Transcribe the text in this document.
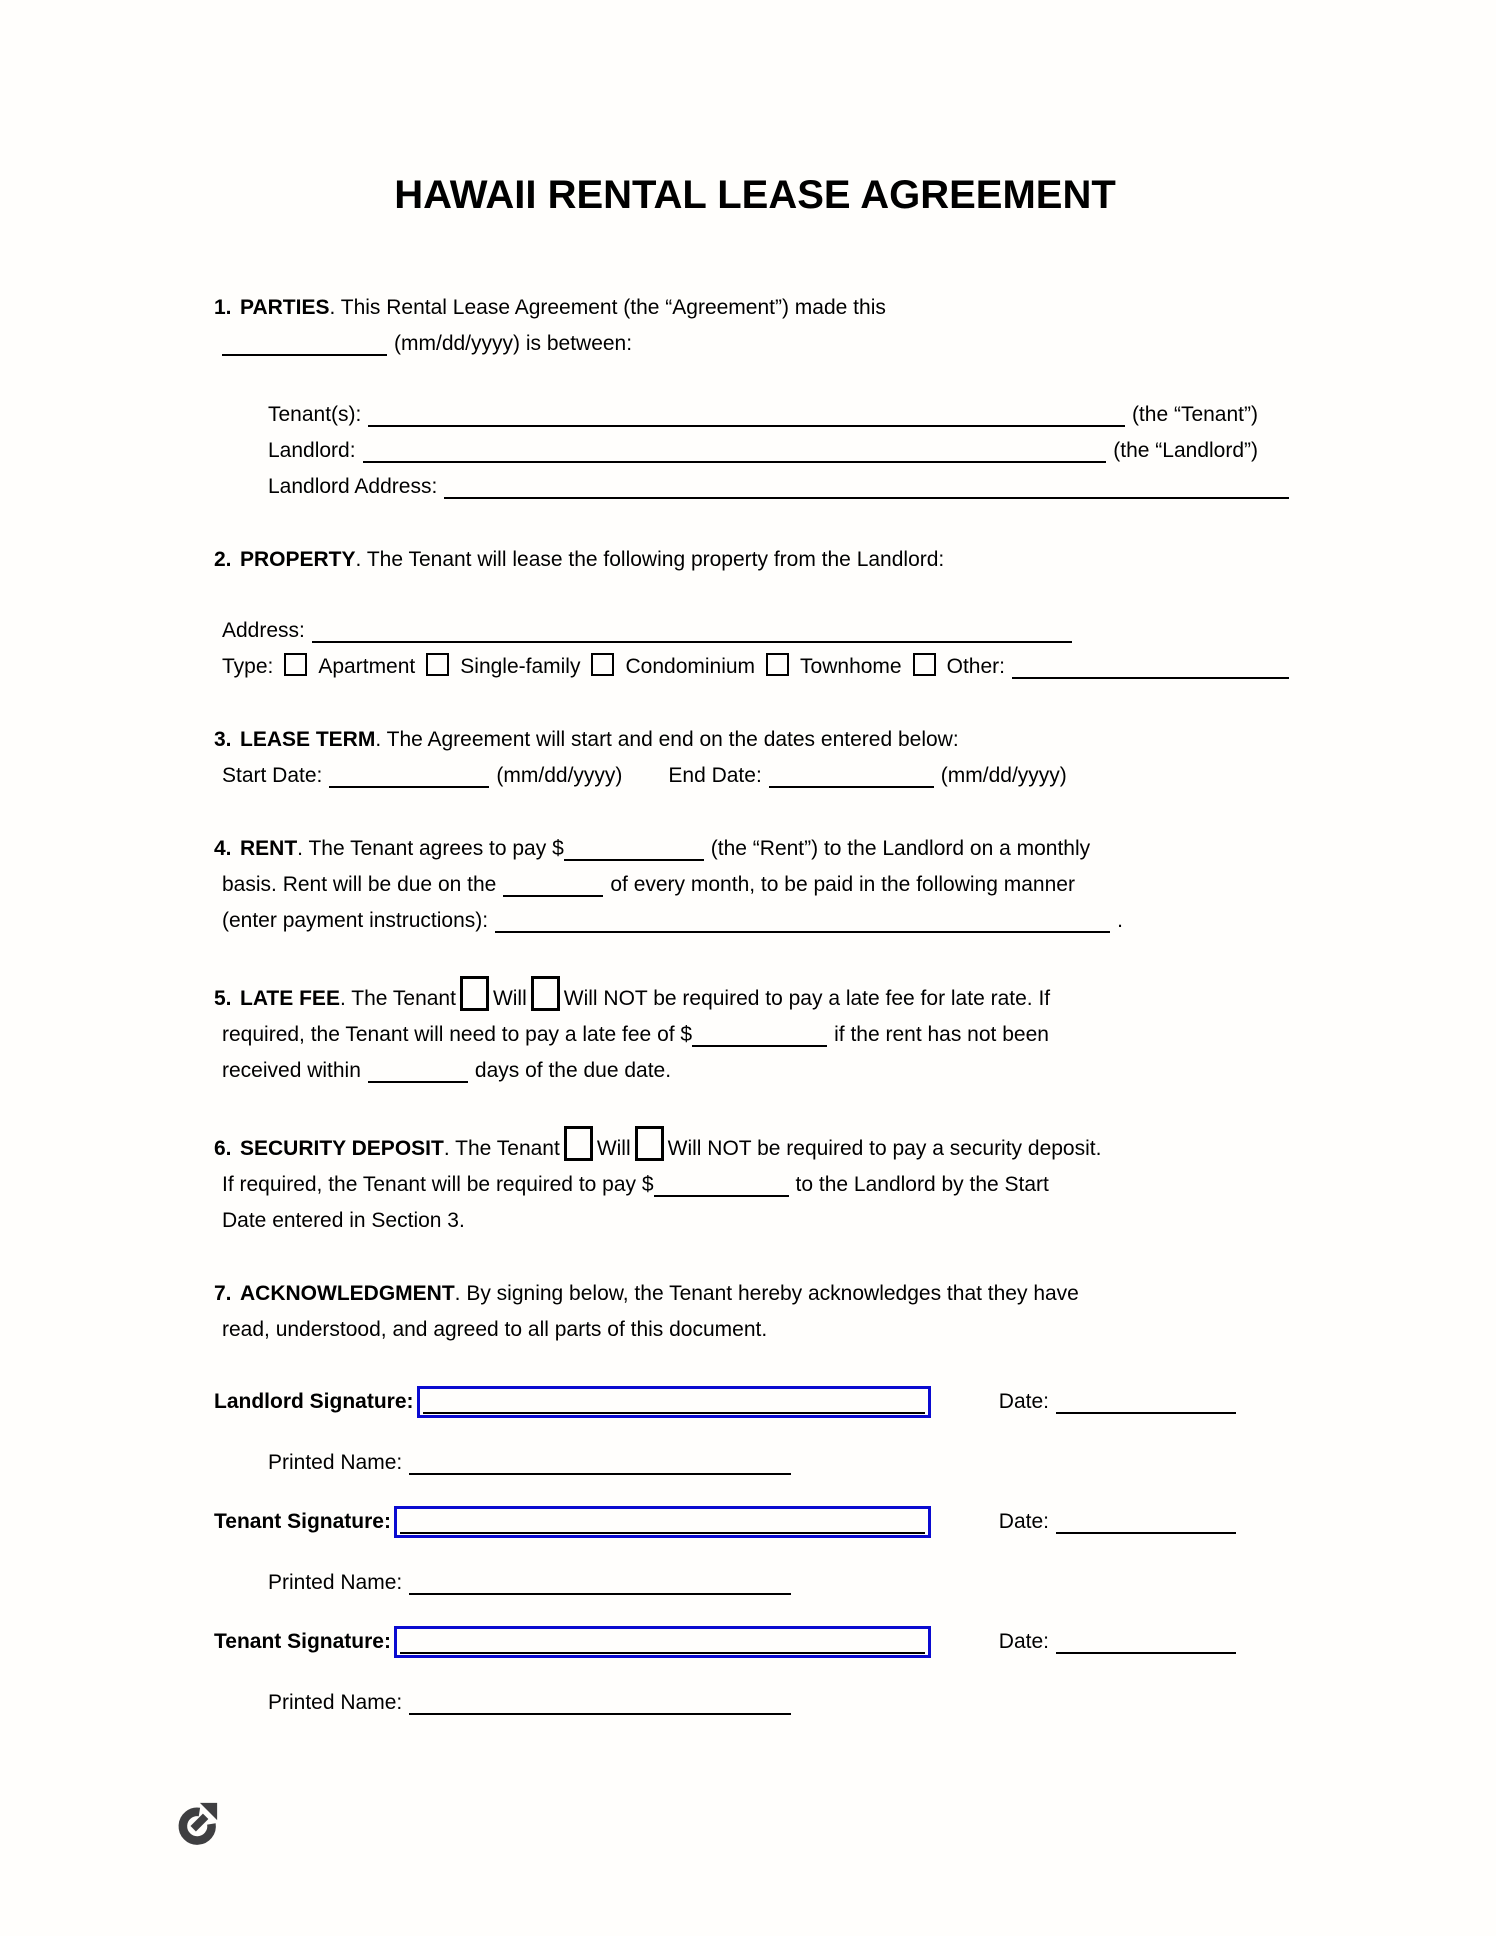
HAWAII RENTAL LEASE AGREEMENT
1. PARTIES. This Rental Lease Agreement (the “Agreement”) made this
(mm/dd/yyyy) is between:
Tenant(s):	(the “Tenant”)
Landlord:	(the “Landlord”)
Landlord Address:
2. PROPERTY. The Tenant will lease the following property from the Landlord:
Address:
Type: Apartment Single-family Condominium Townhome Other:
3. LEASE TERM. The Agreement will start and end on the dates entered below:
Start Date:	(mm/dd/yyyy) End Date:	(mm/dd/yyyy)
4. RENT . The Tenant agrees to pay $	(the “Rent”) to the Landlord on a monthly
basis. Rent will be due on the	of every month, to be paid in the following manner
(enter payment instructions):	.
5. LATE FEE . The Tenant Will Will NOT be required to pay a late fee for late rate. If
required, the Tenant will need to pay a late fee of $	if the rent has not been
received within	days of the due date.
6. SECURITY DEPOSIT . The Tenant Will Will NOT be required to pay a security deposit.
If required, the Tenant will be required to pay $	to the Landlord by the Start
Date entered in Section 3.
7. ACKNOWLEDGMENT. By signing below, the Tenant hereby acknowledges that they have
read, understood, and agreed to all parts of this document.
Landlord Signature:	Date:
Printed Name:
Tenant Signature:	Date:
Printed Name:
Tenant Signature:	Date:
Printed Name:
